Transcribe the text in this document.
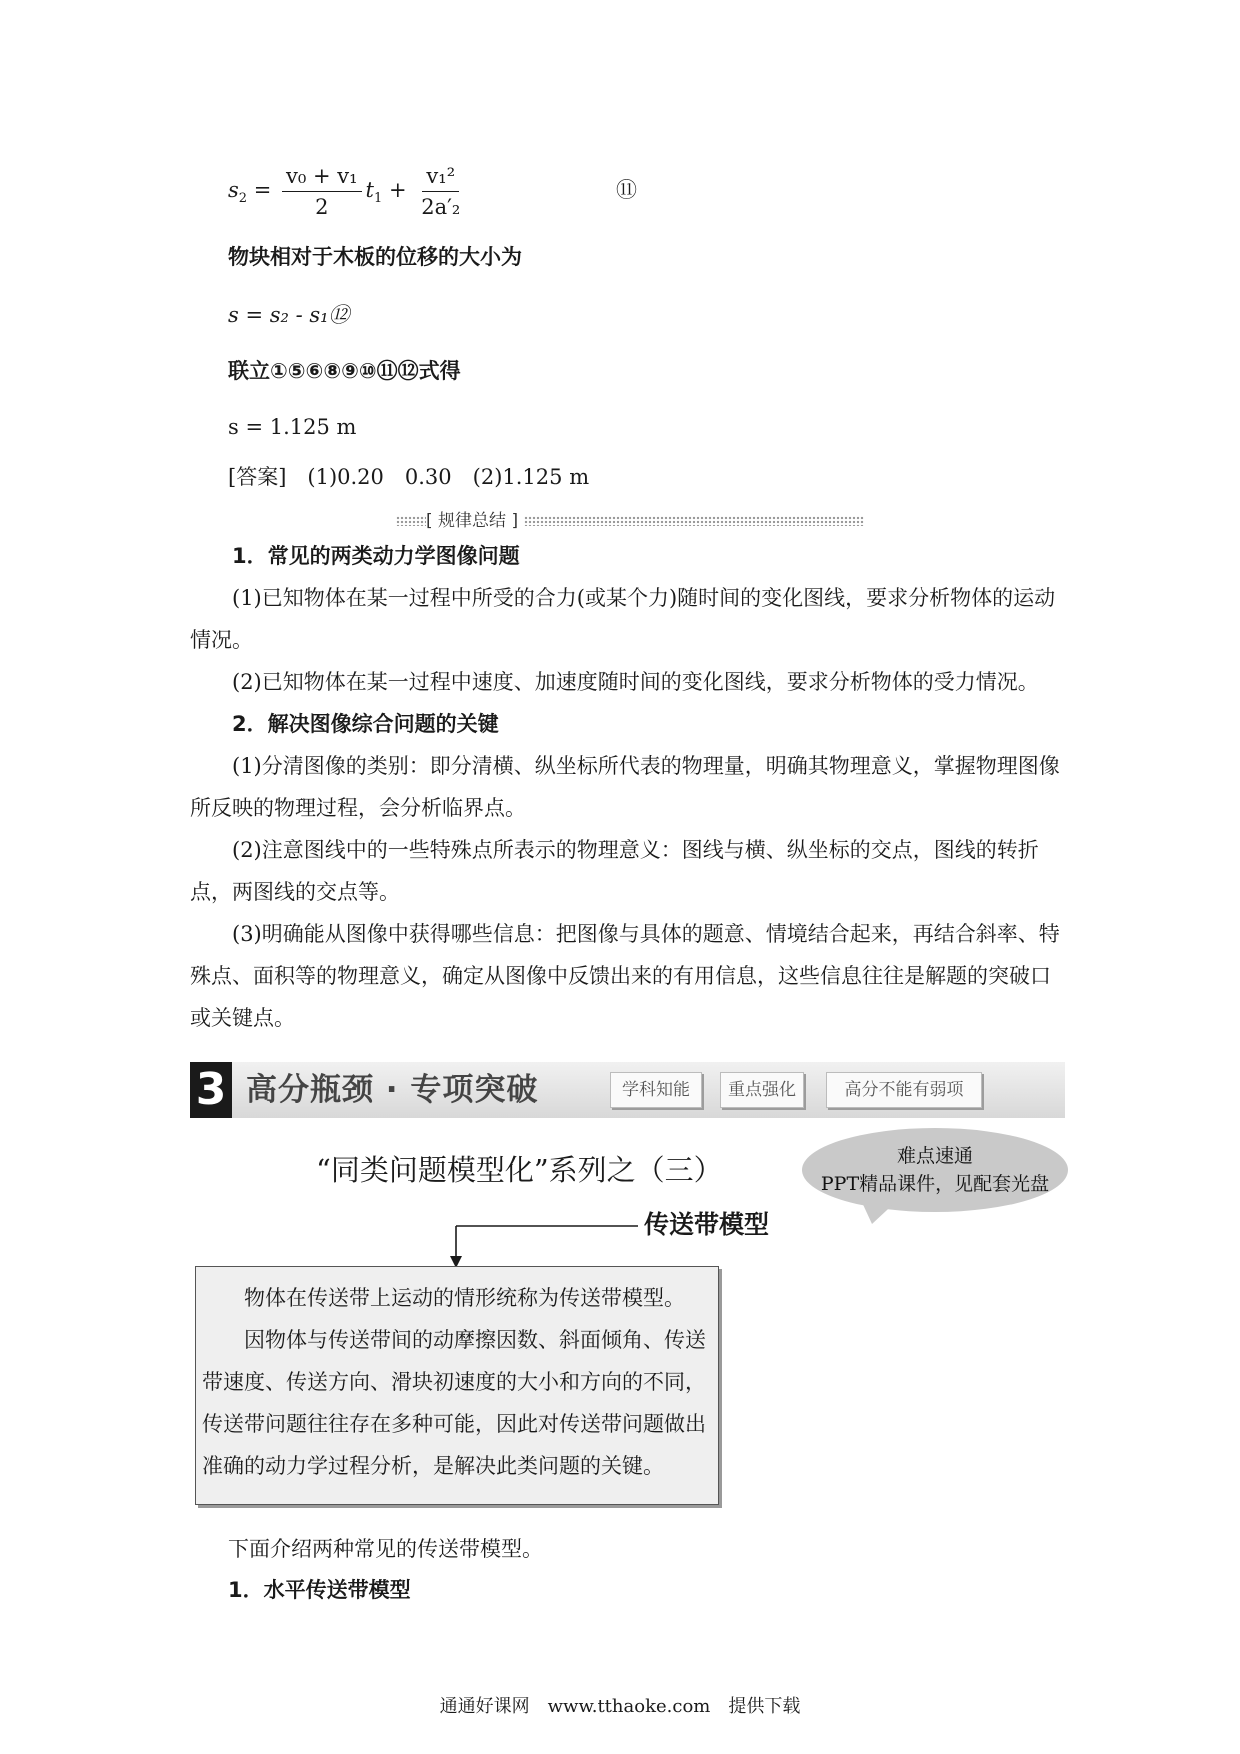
$s_2 = \frac{\text{v₀ + v₁}}{2} t_1 + \frac{\text{v₁²}}{\text{2a′₂}}$	⑪
物块相对于木板的位移的大小为
s = s₂ - s₁⑫
联立①⑤⑥⑧⑨⑩⑪⑫式得
s = 1.125 m
[答案]　(1)0.20　0.30　(2)1.125 m
[ 规律总结 ]

1．常见的两类动力学图像问题

(1)已知物体在某一过程中所受的合力(或某个力)随时间的变化图线，要求分析物体的运动情况。

(2)已知物体在某一过程中速度、加速度随时间的变化图线，要求分析物体的受力情况。

2．解决图像综合问题的关键

(1)分清图像的类别：即分清横、纵坐标所代表的物理量，明确其物理意义，掌握物理图像所反映的物理过程，会分析临界点。

(2)注意图线中的一些特殊点所表示的物理意义：图线与横、纵坐标的交点，图线的转折点，两图线的交点等。

(3)明确能从图像中获得哪些信息：把图像与具体的题意、情境结合起来，再结合斜率、特殊点、面积等的物理意义，确定从图像中反馈出来的有用信息，这些信息往往是解题的突破口或关键点。

3 高分瓶颈 · 专项突破	学科知能	重点强化	高分不能有弱项
“同类问题模型化”系列之（三）	难点速通
PPT精品课件，见配套光盘
传送带模型

物体在传送带上运动的情形统称为传送带模型。

因物体与传送带间的动摩擦因数、斜面倾角、传送带速度、传送方向、滑块初速度的大小和方向的不同，传送带问题往往存在多种可能，因此对传送带问题做出准确的动力学过程分析，是解决此类问题的关键。

下面介绍两种常见的传送带模型。
1．水平传送带模型
通通好课网　www.tthaoke.com　提供下载
